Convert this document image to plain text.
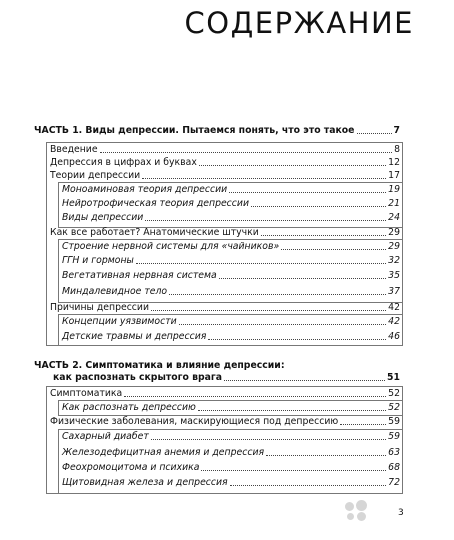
СОДЕРЖАНИЕ
ЧАСТЬ 1. Виды депрессии. Пытаемся понять, что это такое	7
Введение	8
Депрессия в цифрах и буквах	12
Теории депрессии	17
Моноаминовая теория депрессии	19
Нейротрофическая теория депрессии	21
Виды депрессии	24
Как все работает? Анатомические штучки	29
Строение нервной системы для «чайников»	29
ГГН и гормоны	32
Вегетативная нервная система	35
Миндалевидное тело	37
Причины депрессии	42
Концепции уязвимости	42
Детские травмы и депрессия	46
ЧАСТЬ 2. Симптоматика и влияние депрессии:
как распознать скрытого врага	51
Симптоматика	52
Как распознать депрессию	52
Физические заболевания, маскирующиеся под депрессию	59
Сахарный диабет	59
Железодефицитная анемия и депрессия	63
Феохромоцитома и психика	68
Щитовидная железа и депрессия	72
3
